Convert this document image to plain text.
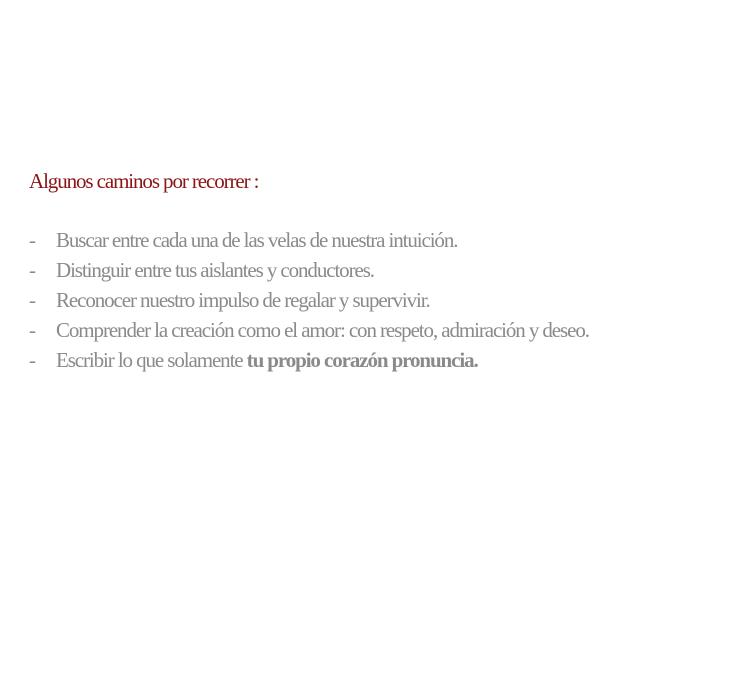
Algunos caminos por recorrer :
-	Buscar entre cada una de las velas de nuestra intuición.
-	Distinguir entre tus aislantes y conductores.
-	Reconocer nuestro impulso de regalar y supervivir.
-	Comprender la creación como el amor: con respeto, admiración y deseo.
-	Escribir lo que solamente tu propio corazón pronuncia.
